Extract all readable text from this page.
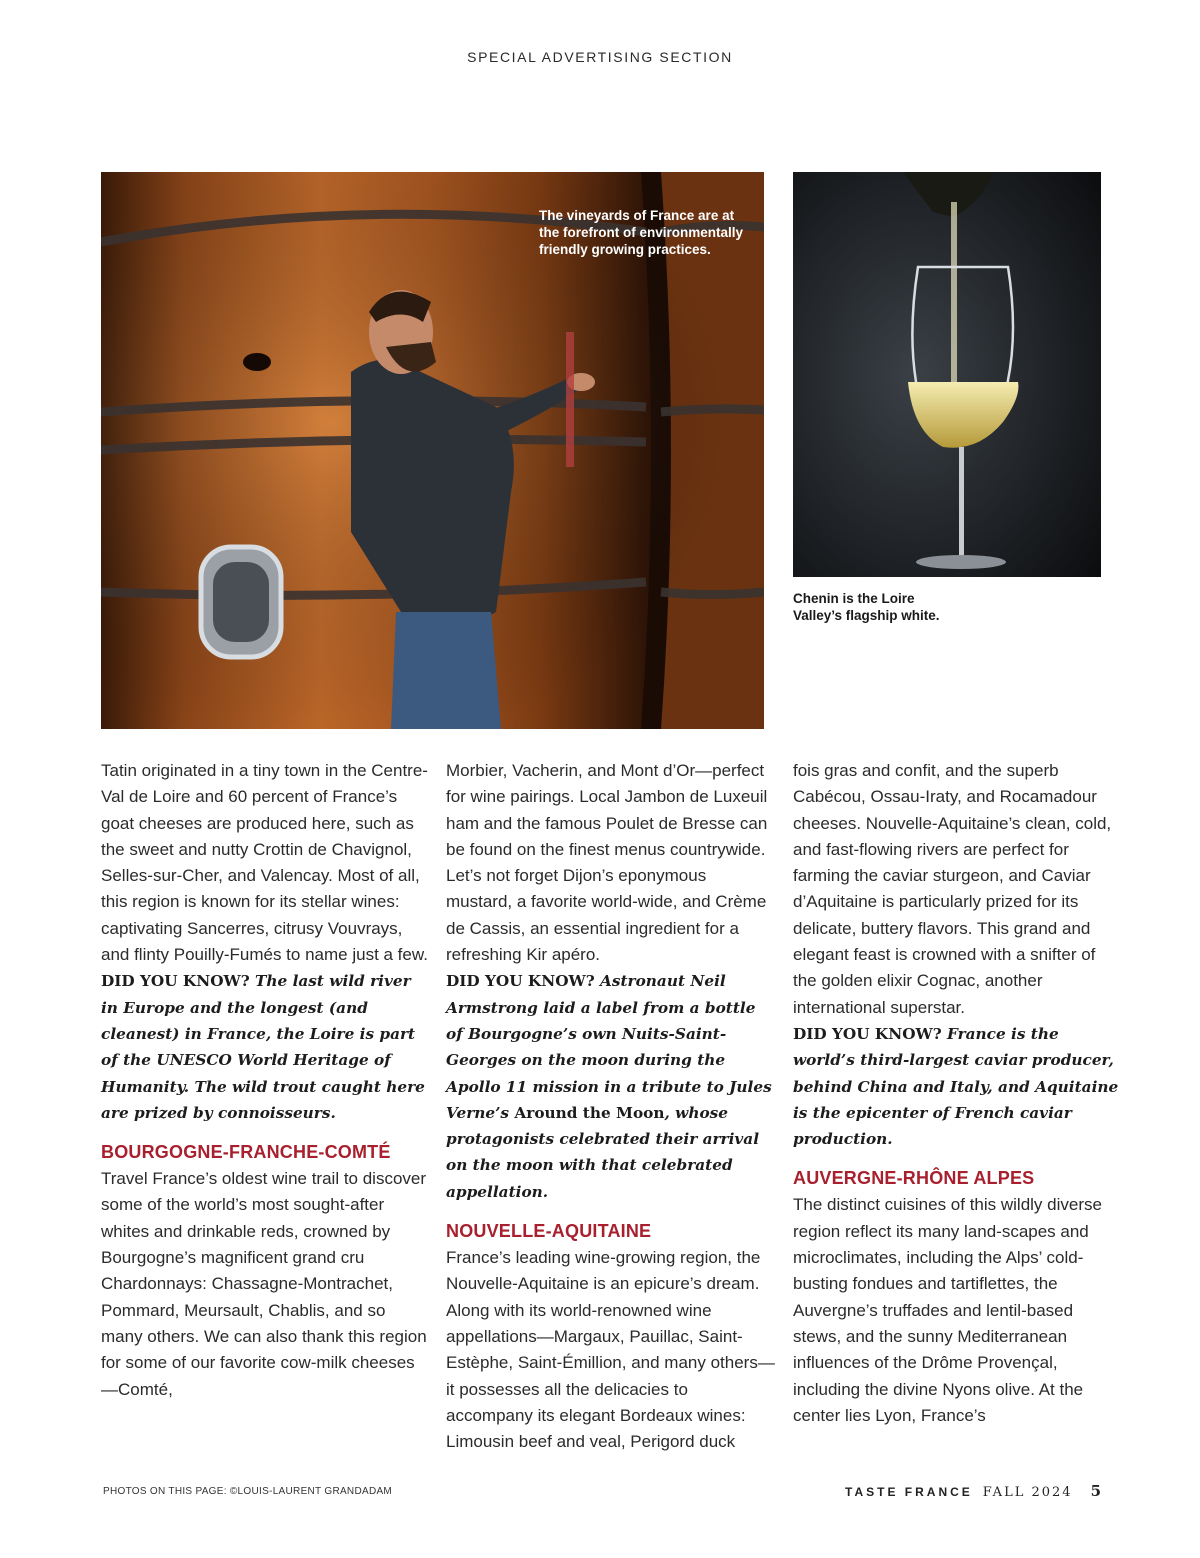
SPECIAL ADVERTISING SECTION
The vineyards of France are at the forefront of environmentally friendly growing practices.
Chenin is the Loire Valley’s flagship white.

Tatin originated in a tiny town in the Centre-Val de Loire and 60 percent of France’s goat cheeses are produced here, such as the sweet and nutty Crottin de Chavignol, Selles-sur-Cher, and Valencay. Most of all, this region is known for its stellar wines: captivating Sancerres, citrusy Vouvrays, and flinty Pouilly-Fumés to name just a few.

DID YOU KNOW? The last wild river in Europe and the longest (and cleanest) in France, the Loire is part of the UNESCO World Heritage of Humanity. The wild trout caught here are prized by connoisseurs.

BOURGOGNE-FRANCHE-COMTÉ

Travel France’s oldest wine trail to discover some of the world’s most sought-after whites and drinkable reds, crowned by Bourgogne’s magnificent grand cru Chardonnays: Chassagne-Montrachet, Pommard, Meursault, Chablis, and so many others. We can also thank this region for some of our favorite cow-milk cheeses—Comté,

Morbier, Vacherin, and Mont d’Or—perfect for wine pairings. Local Jambon de Luxeuil ham and the famous Poulet de Bresse can be found on the finest menus countrywide. Let’s not forget Dijon’s eponymous mustard, a favorite world-wide, and Crème de Cassis, an essential ingredient for a refreshing Kir apéro.

DID YOU KNOW? Astronaut Neil Armstrong laid a label from a bottle of Bourgogne’s own Nuits-Saint-Georges on the moon during the Apollo 11 mission in a tribute to Jules Verne’s Around the Moon, whose protagonists celebrated their arrival on the moon with that celebrated appellation.

NOUVELLE-AQUITAINE

France’s leading wine-growing region, the Nouvelle-Aquitaine is an epicure’s dream. Along with its world-renowned wine appellations—Margaux, Pauillac, Saint-Estèphe, Saint-Émillion, and many others—it possesses all the delicacies to accompany its elegant Bordeaux wines: Limousin beef and veal, Perigord duck

fois gras and confit, and the superb Cabécou, Ossau-Iraty, and Rocamadour cheeses. Nouvelle-Aquitaine’s clean, cold, and fast-flowing rivers are perfect for farming the caviar sturgeon, and Caviar d’Aquitaine is particularly prized for its delicate, buttery flavors. This grand and elegant feast is crowned with a snifter of the golden elixir Cognac, another international superstar.

DID YOU KNOW? France is the world’s third-largest caviar producer, behind China and Italy, and Aquitaine is the epicenter of French caviar production.

AUVERGNE-RHÔNE ALPES

The distinct cuisines of this wildly diverse region reflect its many land-scapes and microclimates, including the Alps’ cold-busting fondues and tartiflettes, the Auvergne’s truffades and lentil-based stews, and the sunny Mediterranean influences of the Drôme Provençal, including the divine Nyons olive. At the center lies Lyon, France’s

PHOTOS ON THIS PAGE: ©LOUIS-LAURENT GRANDADAM	TASTE FRANCE FALL 2024 5
